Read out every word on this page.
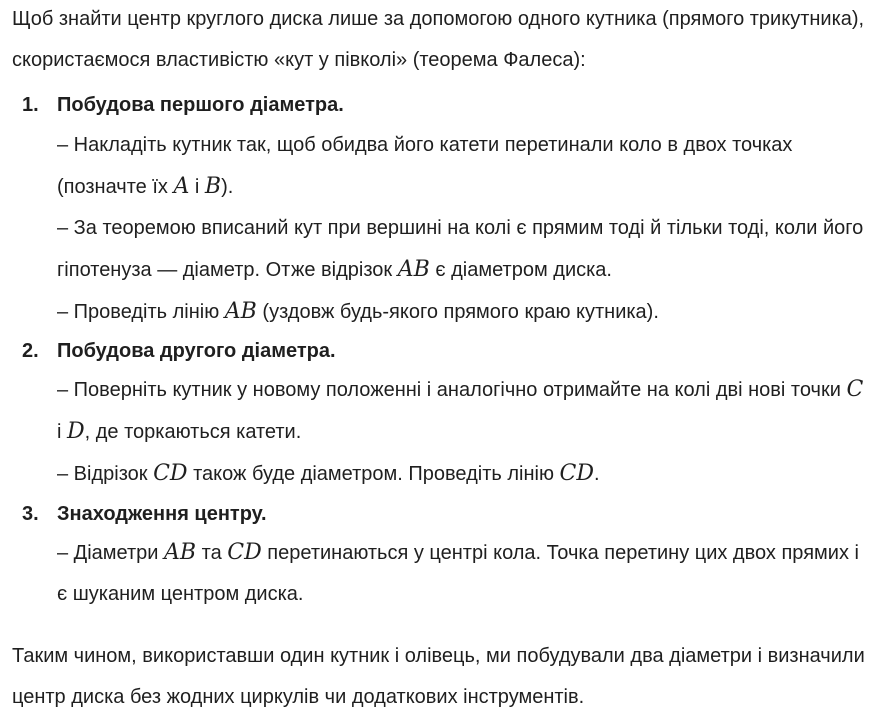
Щоб знайти центр круглого диска лише за допомогою одного кутника (прямого трикутника), скористаємося властивістю «кут у півколі» (теорема Фалеса):

1. Побудова першого діаметра.

– Накладіть кутник так, щоб обидва його катети перетинали коло в двох точках (позначте їх A і B).

– За теоремою вписаний кут при вершині на колі є прямим тоді й тільки тоді, коли його гіпотенуза — діаметр. Отже відрізок AB є діаметром диска.

– Проведіть лінію AB (уздовж будь-якого прямого краю кутника).

2. Побудова другого діаметра.

– Поверніть кутник у новому положенні і аналогічно отримайте на колі дві нові точки C і D, де торкаються катети.

– Відрізок CD також буде діаметром. Проведіть лінію CD.

3. Знаходження центру.

– Діаметри AB та CD перетинаються у центрі кола. Точка перетину цих двох прямих і є шуканим центром диска.

Таким чином, використавши один кутник і олівець, ми побудували два діаметри і визначили центр диска без жодних циркулів чи додаткових інструментів.
